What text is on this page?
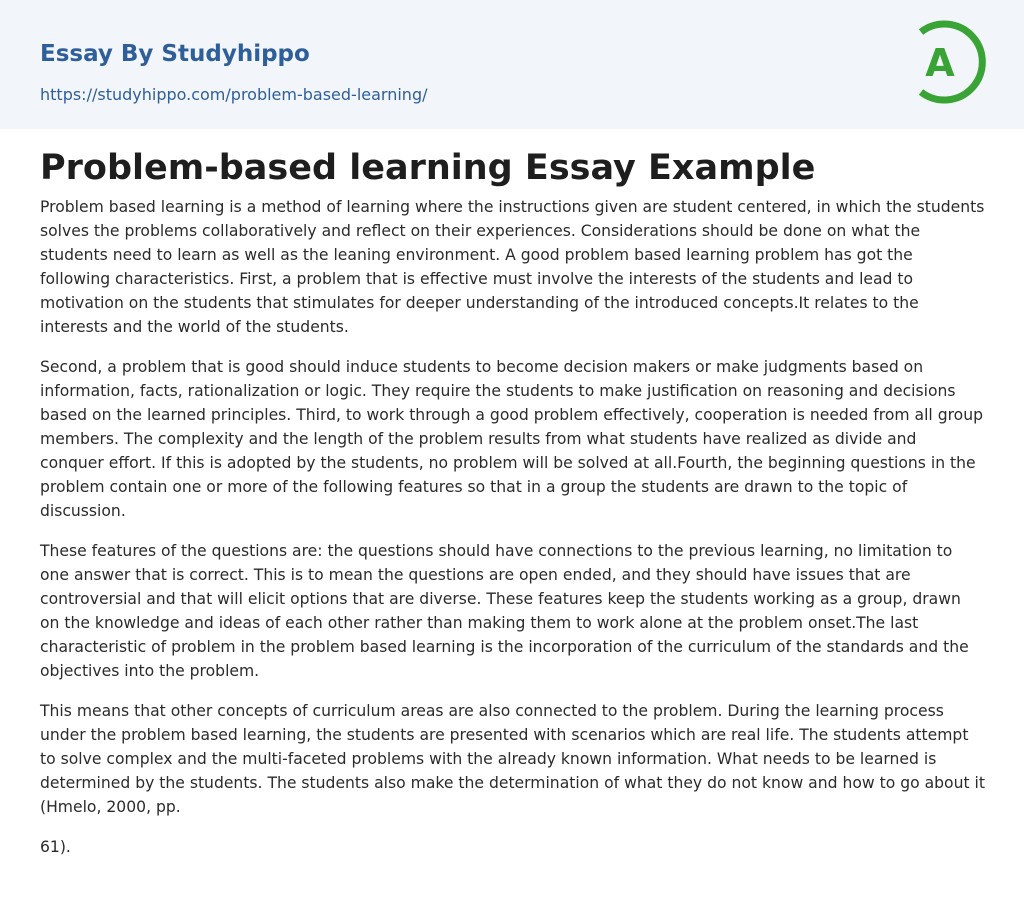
Essay By Studyhippo
https://studyhippo.com/problem-based-learning/
A
Problem-based learning Essay Example

Problem based learning is a method of learning where the instructions given are student centered, in which the students solves the problems collaboratively and reflect on their experiences. Considerations should be done on what the students need to learn as well as the leaning environment. A good problem based learning problem has got the following characteristics. First, a problem that is effective must involve the interests of the students and lead to motivation on the students that stimulates for deeper understanding of the introduced concepts.It relates to the interests and the world of the students.

Second, a problem that is good should induce students to become decision makers or make judgments based on information, facts, rationalization or logic. They require the students to make justification on reasoning and decisions based on the learned principles. Third, to work through a good problem effectively, cooperation is needed from all group members. The complexity and the length of the problem results from what students have realized as divide and conquer effort. If this is adopted by the students, no problem will be solved at all.Fourth, the beginning questions in the problem contain one or more of the following features so that in a group the students are drawn to the topic of discussion.

These features of the questions are: the questions should have connections to the previous learning, no limitation to one answer that is correct. This is to mean the questions are open ended, and they should have issues that are controversial and that will elicit options that are diverse. These features keep the students working as a group, drawn on the knowledge and ideas of each other rather than making them to work alone at the problem onset.The last characteristic of problem in the problem based learning is the incorporation of the curriculum of the standards and the objectives into the problem.

This means that other concepts of curriculum areas are also connected to the problem. During the learning process under the problem based learning, the students are presented with scenarios which are real life. The students attempt to solve complex and the multi-faceted problems with the already known information. What needs to be learned is determined by the students. The students also make the determination of what they do not know and how to go about it (Hmelo, 2000, pp.

61).
